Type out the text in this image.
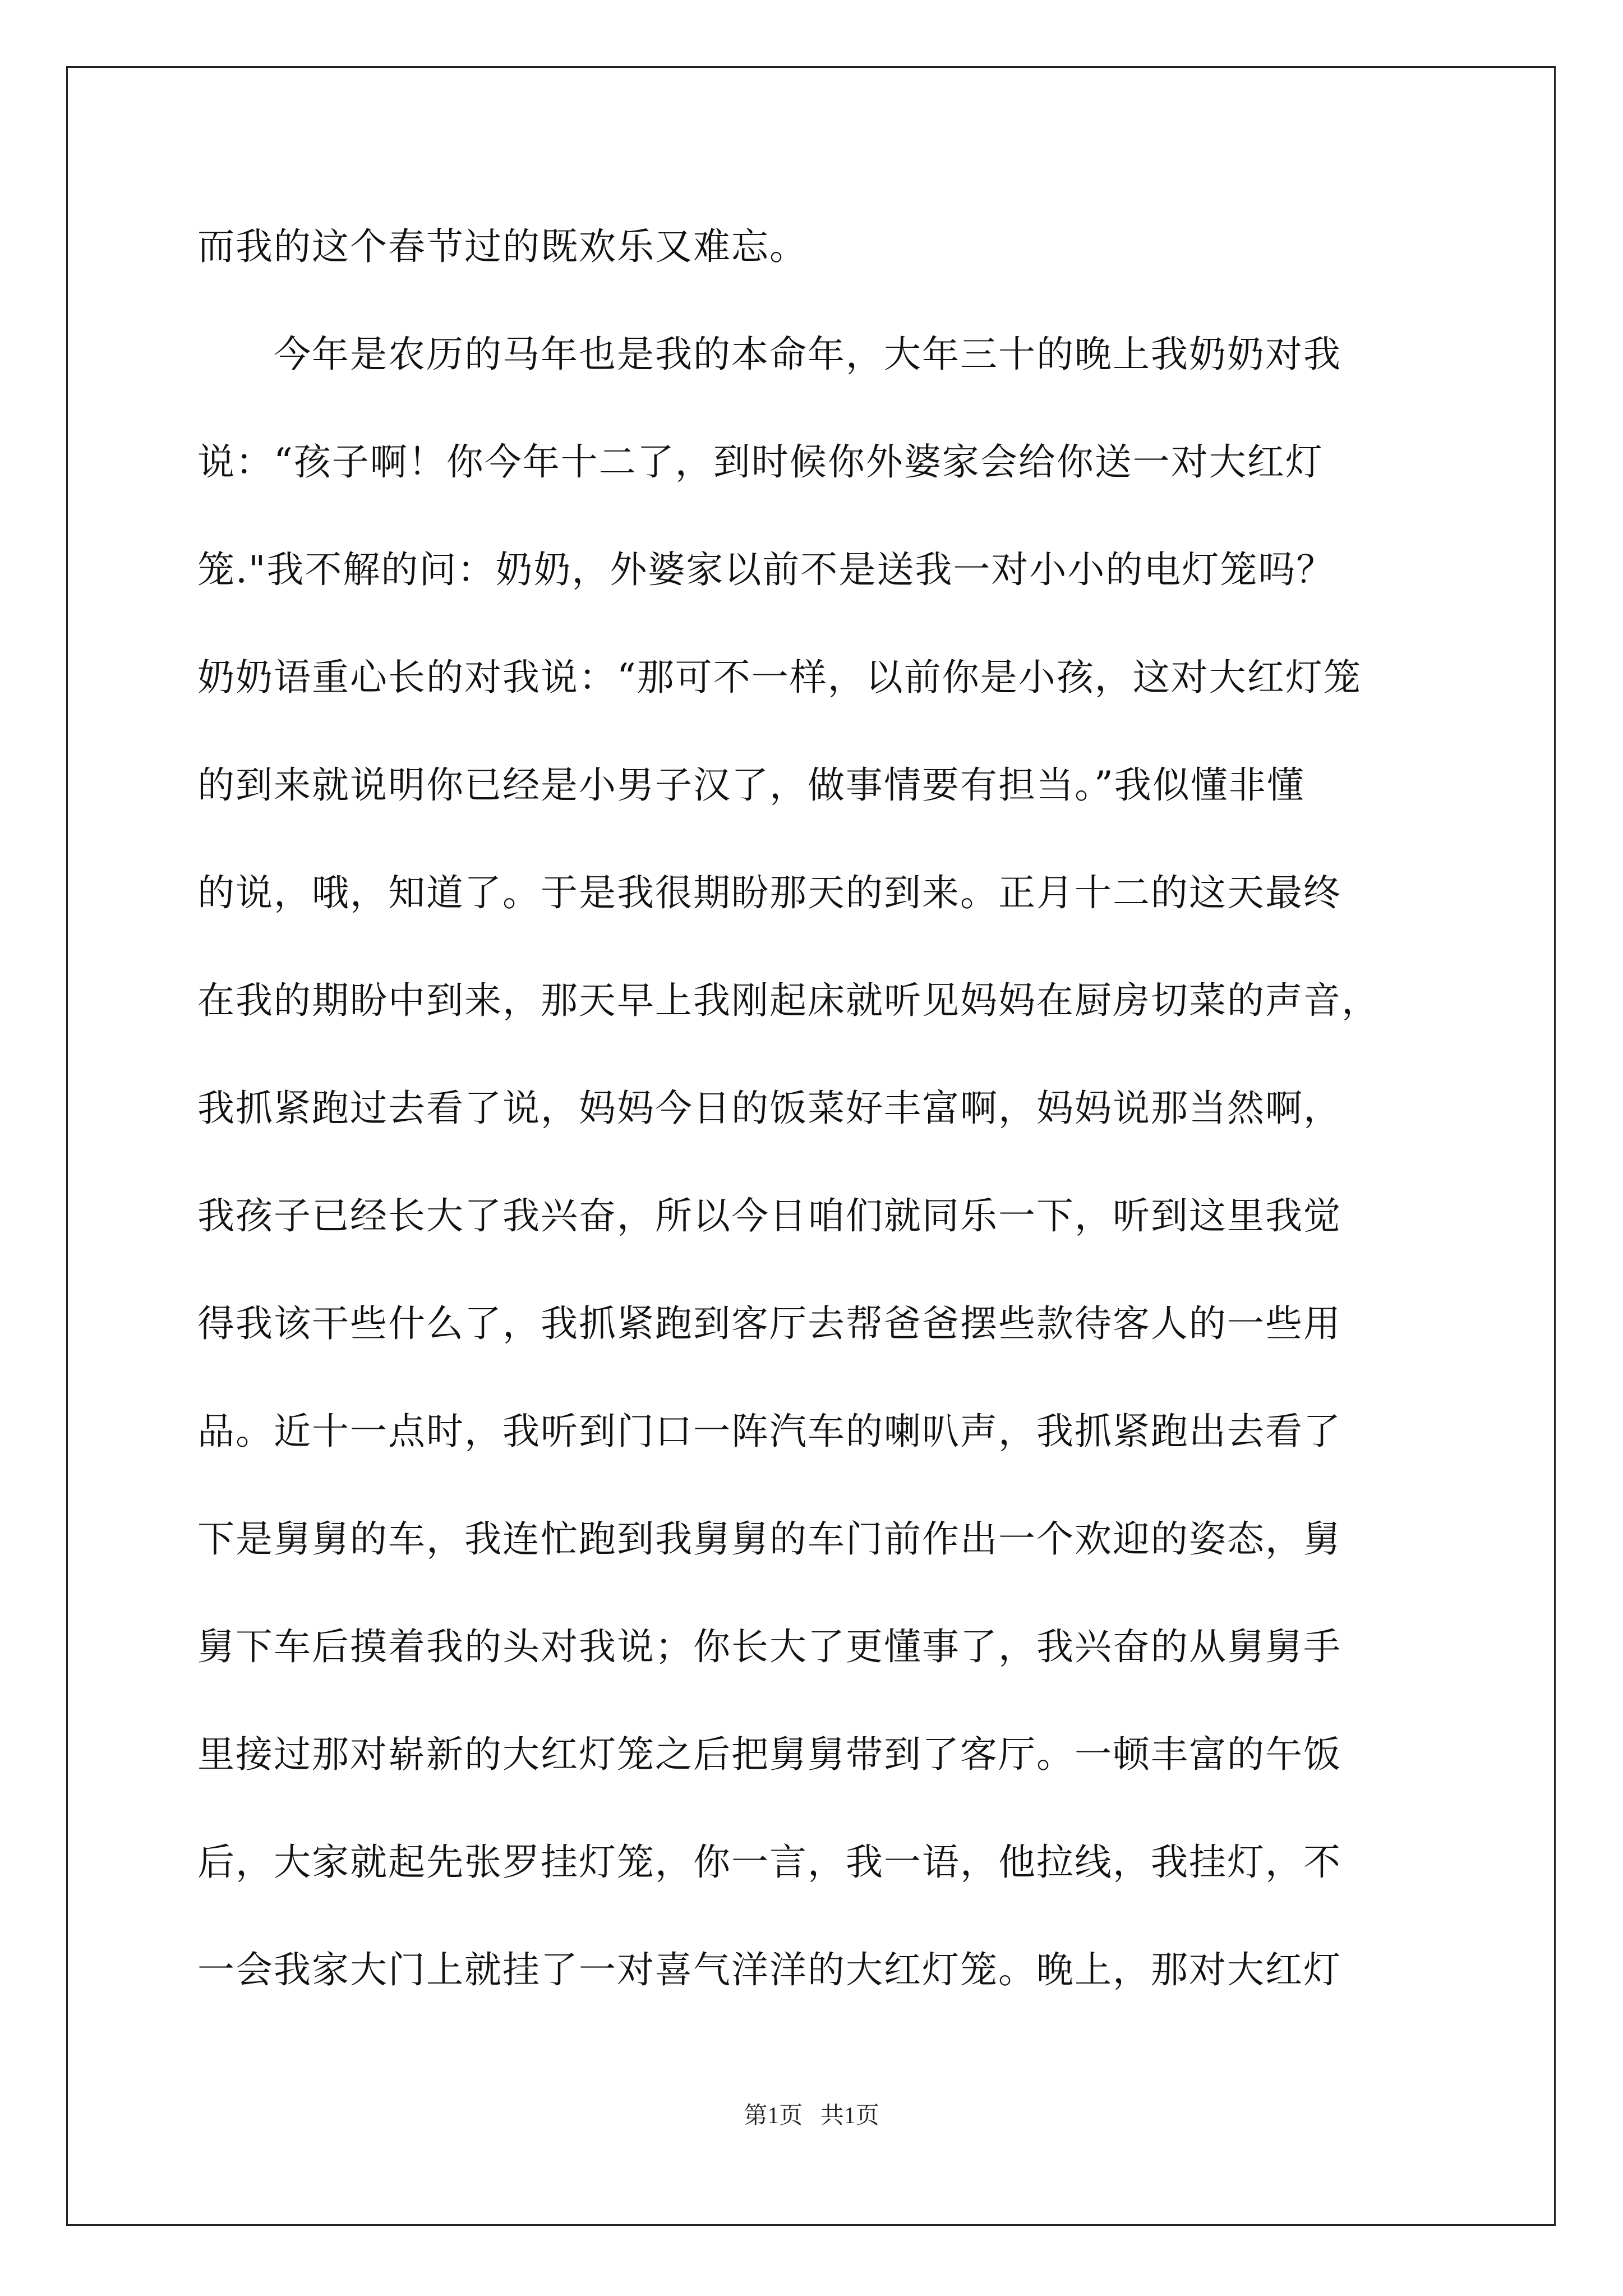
而我的这个春节过的既欢乐又难忘。
　　今年是农历的马年也是我的本命年，大年三十的晚上我奶奶对我
说：“孩子啊！你今年十二了，到时候你外婆家会给你送一对大红灯
笼."我不解的问：奶奶，外婆家以前不是送我一对小小的电灯笼吗？
奶奶语重心长的对我说：“那可不一样，以前你是小孩，这对大红灯笼
的到来就说明你已经是小男子汉了，做事情要有担当。”我似懂非懂
的说，哦，知道了。于是我很期盼那天的到来。正月十二的这天最终
在我的期盼中到来，那天早上我刚起床就听见妈妈在厨房切菜的声音，
我抓紧跑过去看了说，妈妈今日的饭菜好丰富啊，妈妈说那当然啊，
我孩子已经长大了我兴奋，所以今日咱们就同乐一下，听到这里我觉
得我该干些什么了，我抓紧跑到客厅去帮爸爸摆些款待客人的一些用
品。近十一点时，我听到门口一阵汽车的喇叭声，我抓紧跑出去看了
下是舅舅的车，我连忙跑到我舅舅的车门前作出一个欢迎的姿态，舅
舅下车后摸着我的头对我说；你长大了更懂事了，我兴奋的从舅舅手
里接过那对崭新的大红灯笼之后把舅舅带到了客厅。一顿丰富的午饭
后，大家就起先张罗挂灯笼，你一言，我一语，他拉线，我挂灯，不
一会我家大门上就挂了一对喜气洋洋的大红灯笼。晚上，那对大红灯
第1页 共1页
